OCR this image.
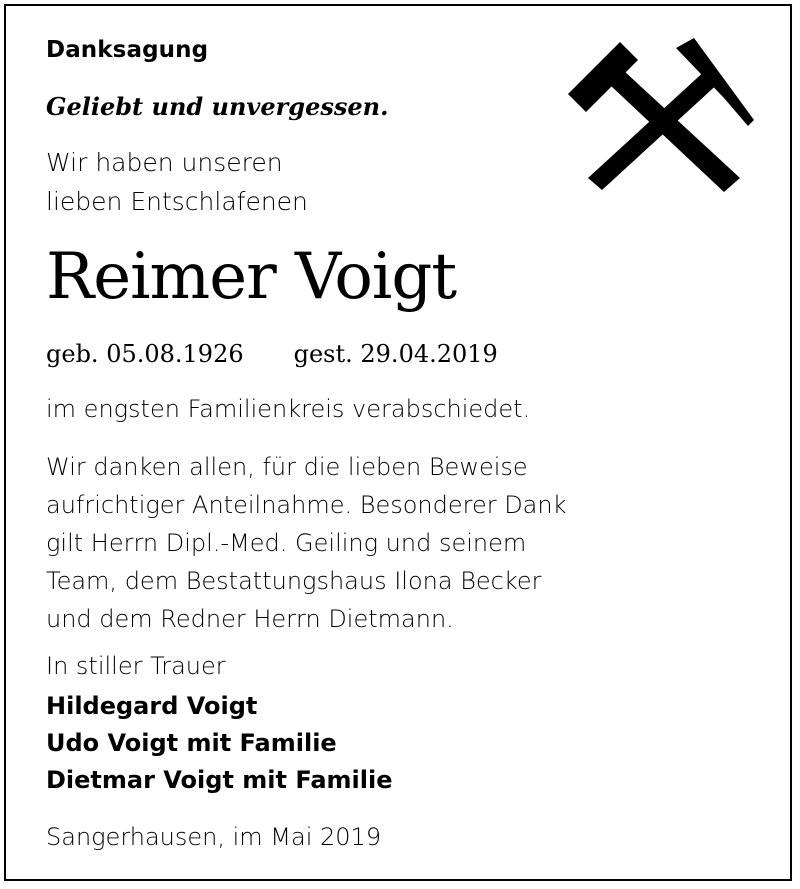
Danksagung
Geliebt und unvergessen.
Wir haben unseren
lieben Entschlafenen
Reimer Voigt
geb. 05.08.1926 gest. 29.04.2019
im engsten Familienkreis verabschiedet.
Wir danken allen, für die lieben Beweise
aufrichtiger Anteilnahme. Besonderer Dank
gilt Herrn Dipl.-Med. Geiling und seinem
Team, dem Bestattungshaus Ilona Becker
und dem Redner Herrn Dietmann.
In stiller Trauer
Hildegard Voigt
Udo Voigt mit Familie
Dietmar Voigt mit Familie
Sangerhausen, im Mai 2019
